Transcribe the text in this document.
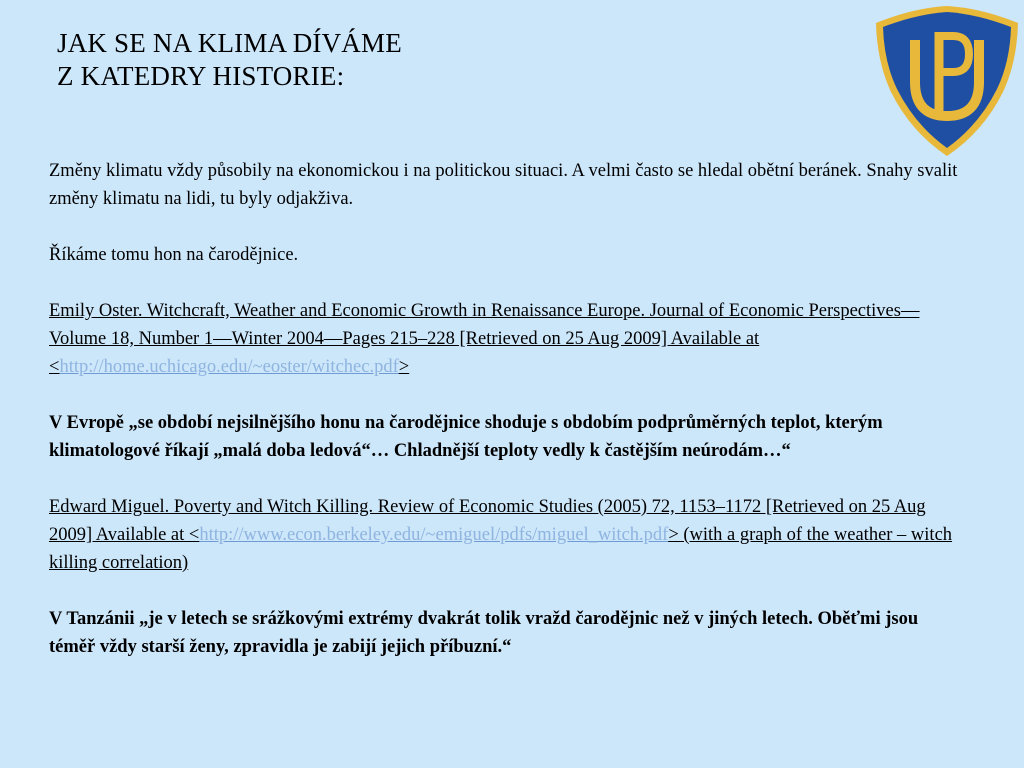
JAK SE NA KLIMA DÍVÁME
Z KATEDRY HISTORIE:

Změny klimatu vždy působily na ekonomickou i na politickou situaci. A velmi často se hledal obětní beránek. Snahy svalit změny klimatu na lidi, tu byly odjakživa.

Říkáme tomu hon na čarodějnice.

Emily Oster. Witchcraft, Weather and Economic Growth in Renaissance Europe. Journal of Economic Perspectives—Volume 18, Number 1—Winter 2004—Pages 215–228 [Retrieved on 25 Aug 2009] Available at <http://home.uchicago.edu/~eoster/witchec.pdf>

V Evropě „se období nejsilnějšího honu na čarodějnice shoduje s obdobím podprůměrných teplot, kterým klimatologové říkají „malá doba ledová“… Chladnější teploty vedly k častějším neúrodám…“

Edward Miguel. Poverty and Witch Killing. Review of Economic Studies (2005) 72, 1153–1172 [Retrieved on 25 Aug 2009] Available at <http://www.econ.berkeley.edu/~emiguel/pdfs/miguel_witch.pdf> (with a graph of the weather – witch killing correlation)

V Tanzánii „je v letech se srážkovými extrémy dvakrát tolik vražd čarodějnic než v jiných letech. Oběťmi jsou téměř vždy starší ženy, zpravidla je zabijí jejich příbuzní.“
